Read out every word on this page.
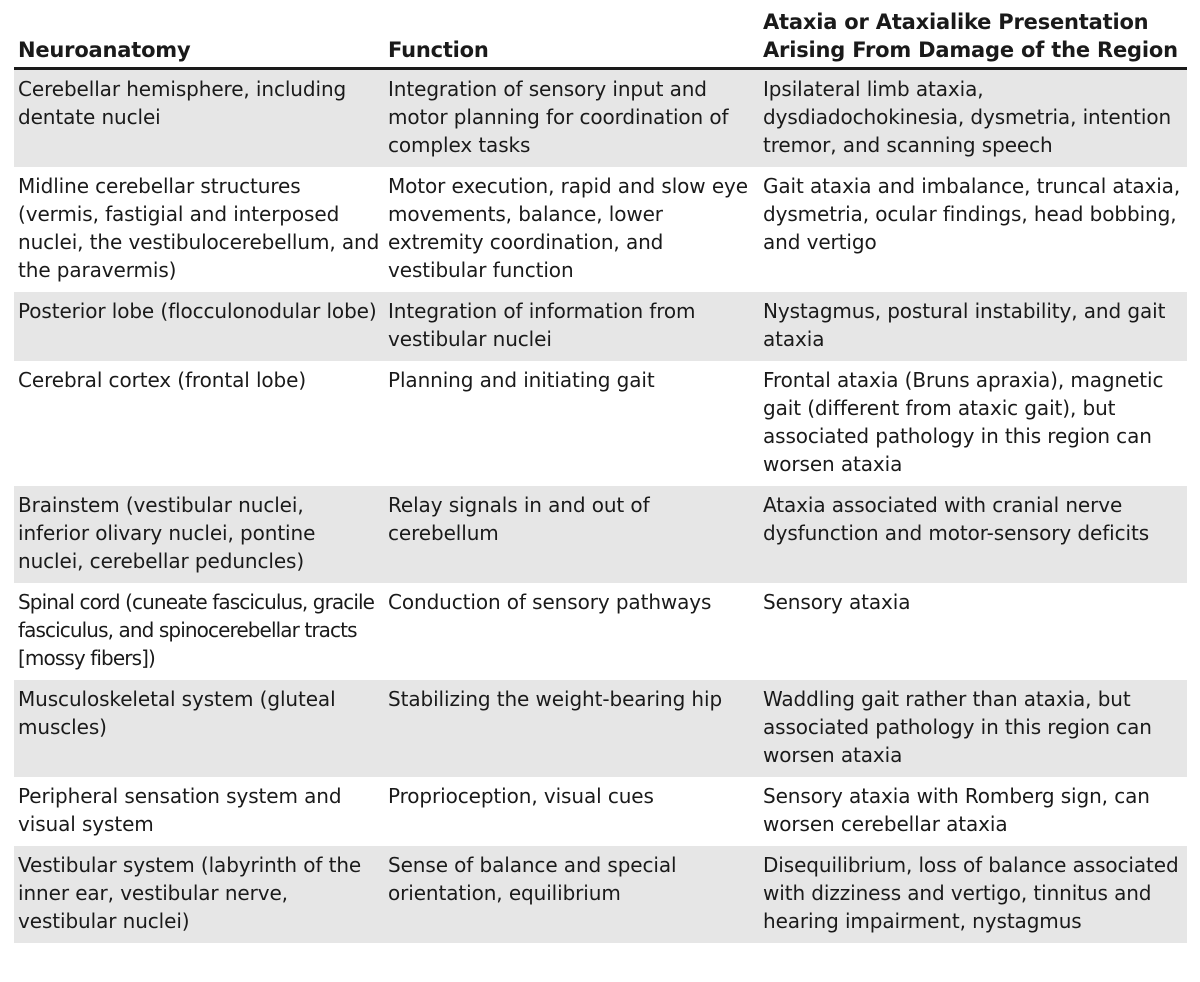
Neuroanatomy	Function	Ataxia or Ataxialike Presentation Arising From Damage of the Region
Cerebellar hemisphere, including dentate nuclei	Integration of sensory input and motor planning for coordination of complex tasks	Ipsilateral limb ataxia, dysdiadochokinesia, dysmetria, intention tremor, and scanning speech
Midline cerebellar structures (vermis, fastigial and interposed nuclei, the vestibulocerebellum, and the paravermis)	Motor execution, rapid and slow eye movements, balance, lower extremity coordination, and vestibular function	Gait ataxia and imbalance, truncal ataxia, dysmetria, ocular findings, head bobbing, and vertigo
Posterior lobe (flocculonodular lobe)	Integration of information from vestibular nuclei	Nystagmus, postural instability, and gait ataxia
Cerebral cortex (frontal lobe)	Planning and initiating gait	Frontal ataxia (Bruns apraxia), magnetic gait (different from ataxic gait), but associated pathology in this region can worsen ataxia
Brainstem (vestibular nuclei, inferior olivary nuclei, pontine nuclei, cerebellar peduncles)	Relay signals in and out of cerebellum	Ataxia associated with cranial nerve dysfunction and motor-sensory deficits
Spinal cord (cuneate fasciculus, gracile fasciculus, and spinocerebellar tracts [mossy fibers])	Conduction of sensory pathways	Sensory ataxia
Musculoskeletal system (gluteal muscles)	Stabilizing the weight-bearing hip	Waddling gait rather than ataxia, but associated pathology in this region can worsen ataxia
Peripheral sensation system and visual system	Proprioception, visual cues	Sensory ataxia with Romberg sign, can worsen cerebellar ataxia
Vestibular system (labyrinth of the inner ear, vestibular nerve, vestibular nuclei)	Sense of balance and special orientation, equilibrium	Disequilibrium, loss of balance associated with dizziness and vertigo, tinnitus and hearing impairment, nystagmus
